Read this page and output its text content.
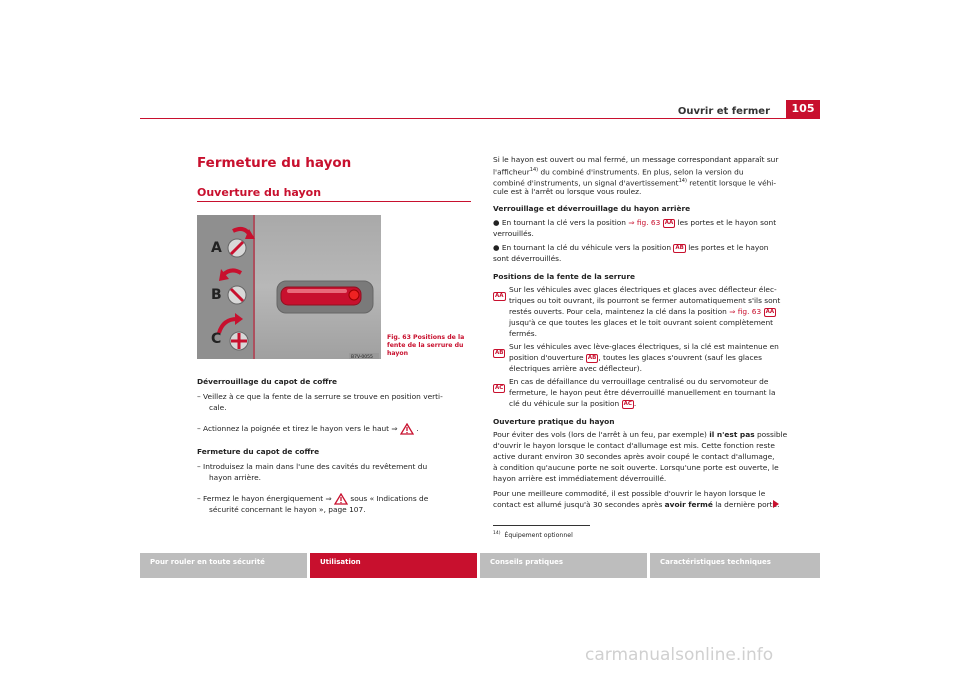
Ouvrir et fermer	105
Fermeture du hayon
Ouverture du hayon
A
B
C
B7V-0055
Fig. 63 Positions de la fente de la serrure du hayon
Déverrouillage du capot de coffre
– Veillez à ce que la fente de la serrure se trouve en position verti-
cale.
– Actionnez la poignée et tirez le hayon vers le haut ⇒	.
Fermeture du capot de coffre
– Introduisez la main dans l'une des cavités du revêtement du
hayon arrière.
– Fermez le hayon énergiquement ⇒	sous « Indications de
sécurité concernant le hayon », page 107.
Si le hayon est ouvert ou mal fermé, un message correspondant apparaît sur
l'afficheur$^{14)}$ du combiné d'instruments. En plus, selon la version du
combiné d'instruments, un signal d'avertissement$^{14)}$ retentit lorsque le véhi-
cule est à l'arrêt ou lorsque vous roulez.
Verrouillage et déverrouillage du hayon arrière
● En tournant la clé vers la position ⇒ fig. 63 AA les portes et le hayon sont
verrouillés.
● En tournant la clé du véhicule vers la position AB les portes et le hayon
sont déverrouillés.
Positions de la fente de la serrure
AA
Sur les véhicules avec glaces électriques et glaces avec déflecteur élec-
triques ou toit ouvrant, ils pourront se fermer automatiquement s'ils sont
restés ouverts. Pour cela, maintenez la clé dans la position ⇒ fig. 63 AA
jusqu'à ce que toutes les glaces et le toit ouvrant soient complètement
fermés.
AB
Sur les véhicules avec lève-glaces électriques, si la clé est maintenue en
position d'ouverture AB , toutes les glaces s'ouvrent (sauf les glaces
électriques arrière avec déflecteur).
AC
En cas de défaillance du verrouillage centralisé ou du servomoteur de
fermeture, le hayon peut être déverrouillé manuellement en tournant la
clé du véhicule sur la position AC .
Ouverture pratique du hayon
Pour éviter des vols (lors de l'arrêt à un feu, par exemple) il n'est pas possible
d'ouvrir le hayon lorsque le contact d'allumage est mis. Cette fonction reste
active durant environ 30 secondes après avoir coupé le contact d'allumage,
à condition qu'aucune porte ne soit ouverte. Lorsqu'une porte est ouverte, le
hayon arrière est immédiatement déverrouillé.
Pour une meilleure commodité, il est possible d'ouvrir le hayon lorsque le
contact est allumé jusqu'à 30 secondes après avoir fermé la dernière porte.
$^{14)}$ Équipement optionnel
Pour rouler en toute sécurité	Utilisation	Conseils pratiques	Caractéristiques techniques
carmanualsonline.info
